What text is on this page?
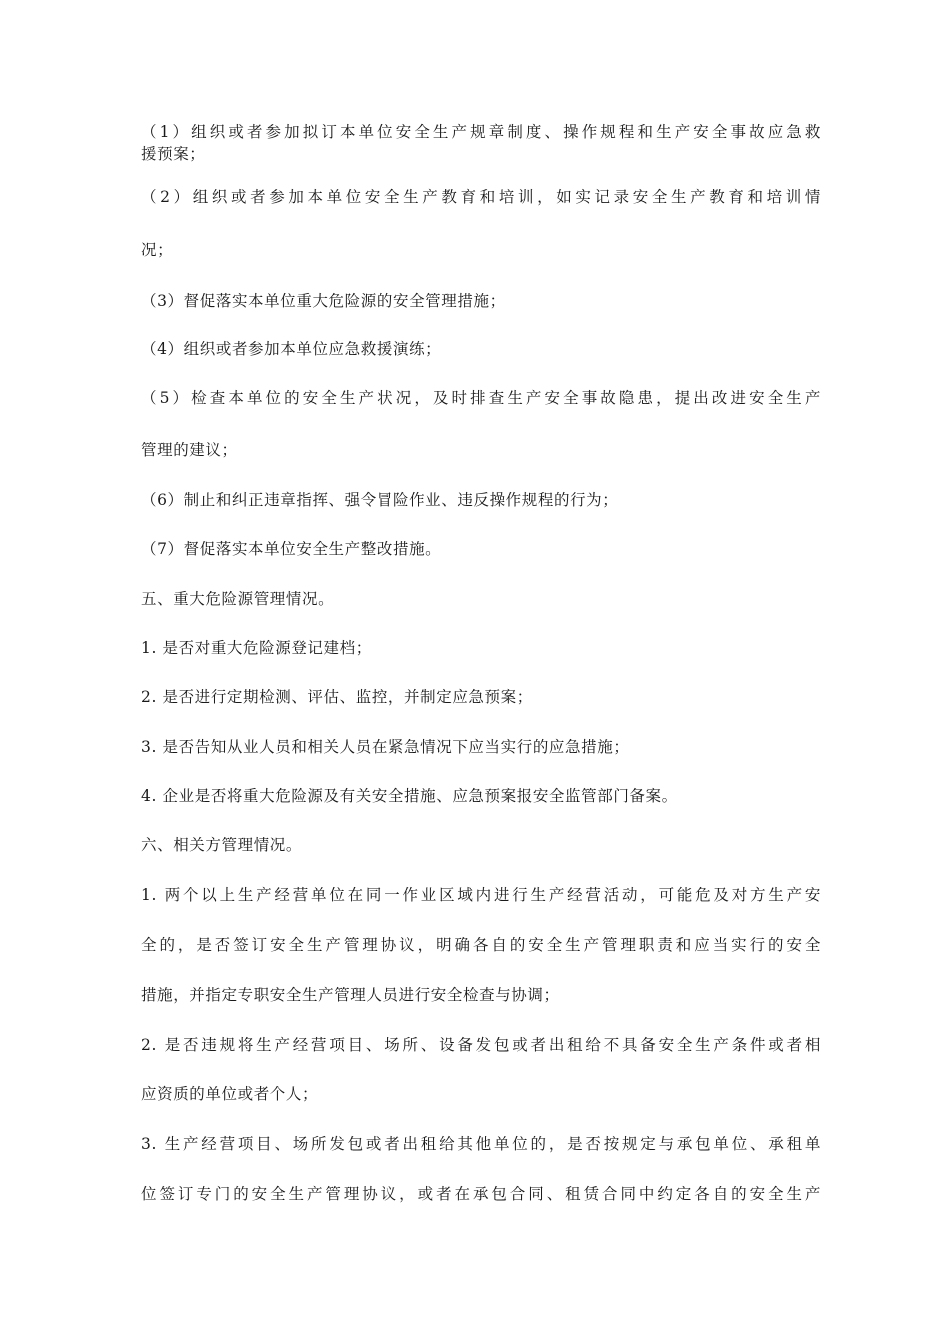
（1）组织或者参加拟订本单位安全生产规章制度、操作规程和生产安全事故应急救
援预案；
（2）组织或者参加本单位安全生产教育和培训，如实记录安全生产教育和培训情
况；
（3）督促落实本单位重大危险源的安全管理措施；
（4）组织或者参加本单位应急救援演练；
（5）检查本单位的安全生产状况，及时排查生产安全事故隐患，提出改进安全生产
管理的建议；
（6）制止和纠正违章指挥、强令冒险作业、违反操作规程的行为；
（7）督促落实本单位安全生产整改措施。
五、重大危险源管理情况。
1. 是否对重大危险源登记建档；
2. 是否进行定期检测、评估、监控，并制定应急预案；
3. 是否告知从业人员和相关人员在紧急情况下应当实行的应急措施；
4. 企业是否将重大危险源及有关安全措施、应急预案报安全监管部门备案。
六、相关方管理情况。
1. 两个以上生产经营单位在同一作业区域内进行生产经营活动，可能危及对方生产安
全的，是否签订安全生产管理协议，明确各自的安全生产管理职责和应当实行的安全
措施，并指定专职安全生产管理人员进行安全检查与协调；
2. 是否违规将生产经营项目、场所、设备发包或者出租给不具备安全生产条件或者相
应资质的单位或者个人；
3. 生产经营项目、场所发包或者出租给其他单位的，是否按规定与承包单位、承租单
位签订专门的安全生产管理协议，或者在承包合同、租赁合同中约定各自的安全生产
